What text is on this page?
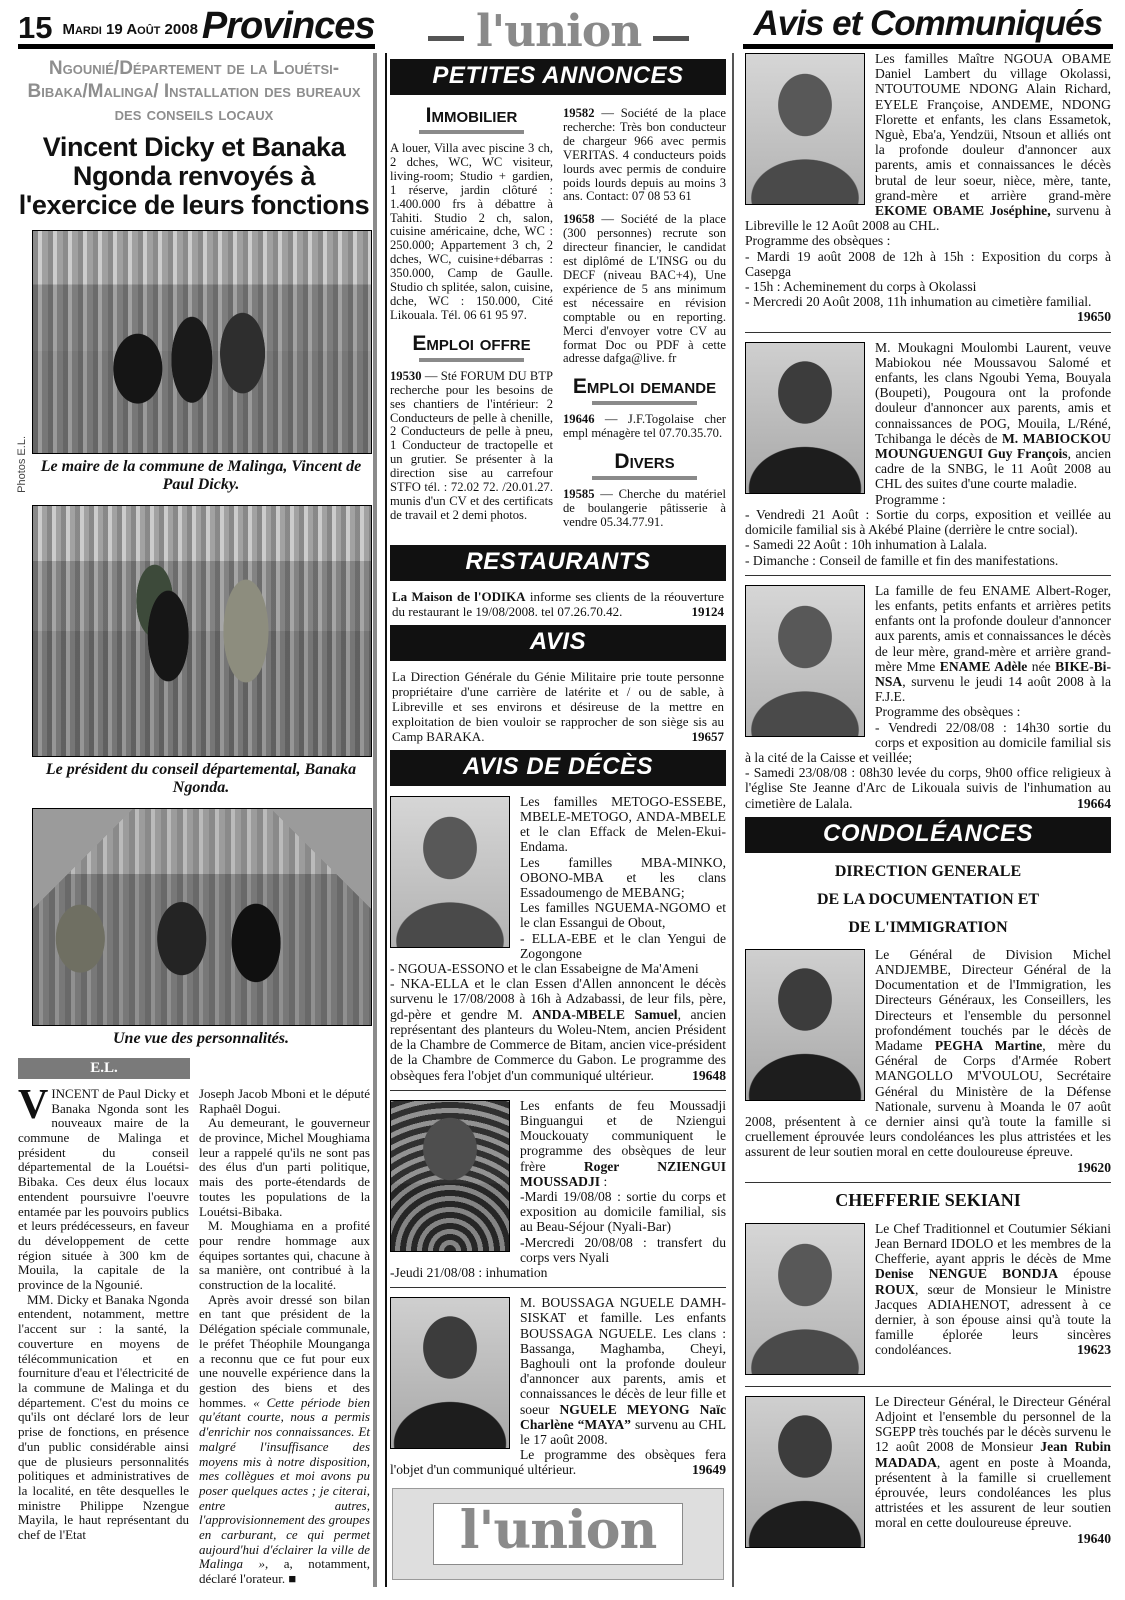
15 Mardi 19 Août 2008 Provinces l'union	Avis et Communiqués
Ngounié/Département de la Louétsi-Bibaka/Malinga/ Installation des bureaux des conseils locaux
Vincent Dicky et Banaka Ngonda renvoyés à l'exercice de leurs fonctions
Photos E.L. Le maire de la commune de Malinga, Vincent de Paul Dicky.
Le président du conseil départemental, Banaka Ngonda.
Une vue des personnalités.
E.L.
VINCENT de Paul Dicky et Banaka Ngonda sont les nouveaux maire de la commune de Malinga et président du conseil départemental de la Louétsi-Bibaka. Ces deux élus locaux entendent poursuivre l'oeuvre entamée par les pouvoirs publics et leurs prédécesseurs, en faveur du développement de cette région située à 300 km de Mouila, la capitale de la province de la Ngounié.
MM. Dicky et Banaka Ngonda entendent, notamment, mettre l'accent sur : la santé, la couverture en moyens de télécommunication et en fourniture d'eau et l'électricité de la commune de Malinga et du département. C'est du moins ce qu'ils ont déclaré lors de leur prise de fonctions, en présence d'un public considérable ainsi que de plusieurs personnalités politiques et administratives de la localité, en tête desquelles le ministre Philippe Nzengue Mayila, le haut représentant du chef de l'Etat
Joseph Jacob Mboni et le député Raphaêl Dogui.
Au demeurant, le gouverneur de province, Michel Moughiama leur a rappelé qu'ils ne sont pas des élus d'un parti politique, mais des porte-étendards de toutes les populations de la Louétsi-Bibaka.
M. Moughiama en a profité pour rendre hommage aux équipes sortantes qui, chacune à sa manière, ont contribué à la construction de la localité.
Après avoir dressé son bilan en tant que président de la Délégation spéciale communale, le préfet Théophile Mounganga a reconnu que ce fut pour eux une nouvelle expérience dans la gestion des biens et des hommes. « Cette période bien qu'étant courte, nous a permis d'enrichir nos connaissances. Et malgré l'insuffisance des moyens mis à notre disposition, mes collègues et moi avons pu poser quelques actes ; je citerai, entre autres, l'approvisionnement des groupes en carburant, ce qui permet aujourd'hui d'éclairer la ville de Malinga », a, notamment, déclaré l'orateur. ■
PETITES ANNONCES
Immobilier
A louer, Villa avec piscine 3 ch, 2 dches, WC, WC visiteur, living-room; Studio + gardien, 1 réserve, jardin clôturé : 1.400.000 frs à débattre à Tahiti. Studio 2 ch, salon, cuisine américaine, dche, WC : 250.000; Appartement 3 ch, 2 dches, WC, cuisine+débarras : 350.000, Camp de Gaulle. Studio ch splitée, salon, cuisine, dche, WC : 150.000, Cité Likouala. Tél. 06 61 95 97.
Emploi offre
19530 — Sté FORUM DU BTP recherche pour les besoins de ses chantiers de l'intérieur: 2 Conducteurs de pelle à chenille, 2 Conducteurs de pelle à pneu, 1 Conducteur de tractopelle et un grutier. Se présenter à la direction sise au carrefour STFO tél. : 72.02 72. /20.01.27. munis d'un CV et des certificats de travail et 2 demi photos.
19582 — Société de la place recherche: Très bon conducteur de chargeur 966 avec permis VERITAS. 4 conducteurs poids lourds avec permis de conduire poids lourds depuis au moins 3 ans. Contact: 07 08 53 61
19658 — Société de la place (300 personnes) recrute son directeur financier, le candidat est diplômé de L'INSG ou du DECF (niveau BAC+4), Une expérience de 5 ans minimum est nécessaire en révision comptable ou en reporting. Merci d'envoyer votre CV au format Doc ou PDF à cette adresse dafga@live. fr
Emploi demande
19646 — J.F.Togolaise cher empl ménagère tel 07.70.35.70.
Divers
19585 — Cherche du matériel de boulangerie pâtisserie à vendre 05.34.77.91.
RESTAURANTS
La Maison de l'ODIKA informe ses clients de la réouverture du restaurant le 19/08/2008. tel 07.26.70.42.	19124
AVIS
La Direction Générale du Génie Militaire prie toute personne propriétaire d'une carrière de latérite et / ou de sable, à Libreville et ses environs et désireuse de la mettre en exploitation de bien vouloir se rapprocher de son siège sis au Camp BARAKA.	19657
AVIS DE DÉCÈS
Les familles METOGO-ESSEBE, MBELE-METOGO, ANDA-MBELE et le clan Effack de Melen-Ekui-Endama.
Les familles MBA-MINKO, OBONO-MBA et les clans Essadoumengo de MEBANG;
Les familles NGUEMA-NGOMO et le clan Essangui de Obout,
- ELLA-EBE et le clan Yengui de Zogongone
- NGOUA-ESSONO et le clan Essabeigne de Ma'Ameni
- NKA-ELLA et le clan Essen d'Allen annoncent le décès survenu le 17/08/2008 à 16h à Adzabassi, de leur fils, père, gd-père et gendre M. ANDA-MBELE Samuel, ancien représentant des planteurs du Woleu-Ntem, ancien Président de la Chambre de Commerce de Bitam, ancien vice-président de la Chambre de Commerce du Gabon. Le programme des obsèques fera l'objet d'un communiqué ultérieur.	19648
Les enfants de feu Moussadji Binguangui et de Nziengui Mouckouaty communiquent le programme des obsèques de leur frère Roger NZIENGUI MOUSSADJI :
-Mardi 19/08/08 : sortie du corps et exposition au domicile familial, sis au Beau-Séjour (Nyali-Bar)
-Mercredi 20/08/08 : transfert du corps vers Nyali
-Jeudi 21/08/08 : inhumation
M. BOUSSAGA NGUELE DAMH-SISKAT et famille. Les enfants BOUSSAGA NGUELE. Les clans : Bassanga, Maghamba, Cheyi, Baghouli ont la profonde douleur d'annoncer aux parents, amis et connaissances le décès de leur fille et soeur NGUELE MEYONG Naïc Charlène “MAYA” survenu au CHL le 17 août 2008.
Le programme des obsèques fera l'objet d'un communiqué ultérieur.	19649
l'union
Les familles Maître NGOUA OBAME Daniel Lambert du village Okolassi, NTOUTOUME NDONG Alain Richard, EYELE Françoise, ANDEME, NDONG Florette et enfants, les clans Essametok, Nguè, Eba'a, Yendzüi, Ntsoun et alliés ont la profonde douleur d'annoncer aux parents, amis et connaissances le décès brutal de leur soeur, nièce, mère, tante, grand-mère et arrière grand-mère EKOME OBAME Joséphine, survenu à Libreville le 12 Août 2008 au CHL.
Programme des obsèques :
- Mardi 19 août 2008 de 12h à 15h : Exposition du corps à Casepga
- 15h : Acheminement du corps à Okolassi
- Mercredi 20 Août 2008, 11h inhumation au cimetière familial.
19650
M. Moukagni Moulombi Laurent, veuve Mabiokou née Moussavou Salomé et enfants, les clans Ngoubi Yema, Bouyala (Boupeti), Pougoura ont la profonde douleur d'annoncer aux parents, amis et connaissances de POG, Mouila, L/Réné, Tchibanga le décès de M. MABIOCKOU MOUNGUENGUI Guy François, ancien cadre de la SNBG, le 11 Août 2008 au CHL des suites d'une courte maladie.
Programme :
- Vendredi 21 Août : Sortie du corps, exposition et veillée au domicile familial sis à Akébé Plaine (derrière le cntre social).
- Samedi 22 Août : 10h inhumation à Lalala.
- Dimanche : Conseil de famille et fin des manifestations.
La famille de feu ENAME Albert-Roger, les enfants, petits enfants et arrières petits enfants ont la profonde douleur d'annoncer aux parents, amis et connaissances le décès de leur mère, grand-mère et arrière grand-mère Mme ENAME Adèle née BIKE-Bi-NSA, survenu le jeudi 14 août 2008 à la F.J.E.
Programme des obsèques :
- Vendredi 22/08/08 : 14h30 sortie du corps et exposition au domicile familial sis à la cité de la Caisse et veillée;
- Samedi 23/08/08 : 08h30 levée du corps, 9h00 office religieux à l'église Ste Jeanne d'Arc de Likouala suivis de l'inhumation au cimetière de Lalala.	19664
CONDOLÉANCES
DIRECTION GENERALE
DE LA DOCUMENTATION ET
DE L'IMMIGRATION
Le Général de Division Michel ANDJEMBE, Directeur Général de la Documentation et de l'Immigration, les Directeurs Généraux, les Conseillers, les Directeurs et l'ensemble du personnel profondément touchés par le décès de Madame PEGHA Martine, mère du Général de Corps d'Armée Robert MANGOLLO M'VOULOU, Secrétaire Général du Ministère de la Défense Nationale, survenu à Moanda le 07 août 2008, présentent à ce dernier ainsi qu'à toute la famille si cruellement éprouvée leurs condoléances les plus attristées et les assurent de leur soutien moral en cette douloureuse épreuve.
19620
CHEFFERIE SEKIANI
Le Chef Traditionnel et Coutumier Sékiani Jean Bernard IDOLO et les membres de la Chefferie, ayant appris le décès de Mme Denise NENGUE BONDJA épouse ROUX, sœur de Monsieur le Ministre Jacques ADIAHENOT, adressent à ce dernier, à son épouse ainsi qu'à toute la famille éplorée leurs sincères condoléances.	19623
Le Directeur Général, le Directeur Général Adjoint et l'ensemble du personnel de la SGEPP très touchés par le décès survenu le 12 août 2008 de Monsieur Jean Rubin MADADA, agent en poste à Moanda, présentent à la famille si cruellement éprouvée, leurs condoléances les plus attristées et les assurent de leur soutien moral en cette douloureuse épreuve.
19640
